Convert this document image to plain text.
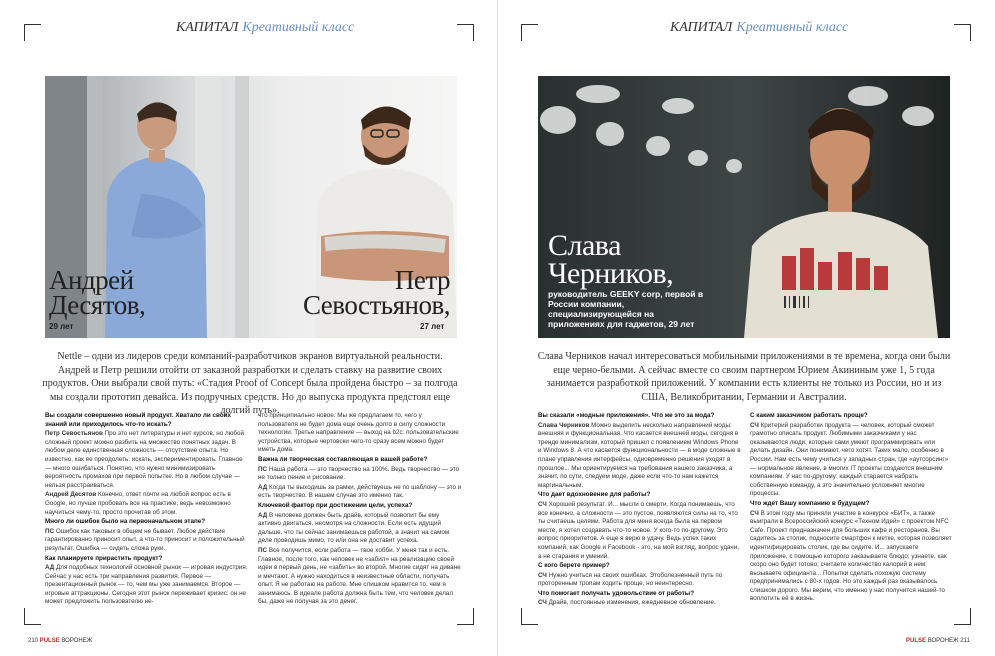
КАПИТАЛ Креативный класс
Андрей Десятов,
29 лет
Петр Севостьянов,
27 лет
Nettle – одни из лидеров среди компаний-разработчиков экранов виртуальной реальности. Андрей и Петр решили отойти от заказной разработки и сделать ставку на развитие своих продуктов. Они выбрали свой путь: «Стадия Proof of Concept была пройдена быстро – за полгода мы создали прототип девайса. Из подручных средств. Но до выпуска продукта предстоял еще долгий путь».

Вы создали совершенно новый продукт. Хватало ли своих знаний или приходилось что-то искать?

Петр Севостьянов Про это нет литературы и нет курсов, но любой сложный проект можно разбить на множество понятных задач. В любом деле единственная сложность — отсутствие опыта. Но известно, как ее преодолеть: искать, экспериментировать. Главное — много ошибаться. Понятно, что нужно минимизировать вероятность промахов при первой попытке. Но в любом случае — нельзя расстраиваться.

Андрей Десятов Конечно, ответ почти на любой вопрос есть в Google, но лучше пробовать все на практике, ведь невозможно научиться чему-то, просто прочитав об этом.

Много ли ошибок было на первоначальном этапе?

ПС Ошибок как таковых в общем не бывает. Любое действие гарантированно приносит опыт, а что-то приносит и положительный результат. Ошибка — сидеть сложа руки.

Как планируете прирастить продукт?

АД Для подобных технологий основной рынок — игровая индустрия. Сейчас у нас есть три направления развития. Первое — презентационный рынок — то, чем мы уже занимаемся. Второе — игровые аттракционы. Сегодня этот рынок переживает кризис: он не может предложить пользователю не-

что принципиально новое. Мы же предлагаем то, чего у пользователя не будет дома еще очень долго в силу сложности технологии. Третье направление — выход на b2c: пользовательские устройства, которые чертовски чего-то сразу всем можно будет иметь дома.

Важна ли творческая составляющая в вашей работе?

ПС Наша работа — это творчество на 100%. Ведь творчество — это не только пение и рисование.

АД Когда ты выходишь за рамки, действуешь не по шаблону — это и есть творчество. В нашем случае это именно так.

Ключевой фактор при достижении цели, успеха?

АД В человеке должен быть драйв, который позволит бы ему активно двигаться, несмотря на сложности. Если есть идущий дальше, что ты сейчас занимаешься работой, а значит на самом деле проводишь мимо, то или она не доставит успеха.

ПС Все получится, если работа — твое хобби. У меня так и есть. Главное, после того, как человек не «забил» на реализацию своей идеи в первый день, не «забить» во второй. Многие сидят на диване и мечтают. А нужно находиться в неизвестные области, получать опыт. Я не работаю на работе. Мне слишком нравится то, чем я занимаюсь. В идеале работа должна быть тем, что человек делал бы, даже не получая за это денег.

210 PULSE ВОРОНЕЖ
КАПИТАЛ Креативный класс
Слава Черников,
руководитель GEEKY corp, первой в России компании, специализирующейся на приложениях для гаджетов, 29 лет
Слава Черников начал интересоваться мобильными приложениями в те времена, когда они были еще черно-белыми. А сейчас вместе со своим партнером Юрием Акининым уже 1, 5 года занимается разработкой приложений. У компании есть клиенты не только из России, но и из США, Великобритании, Германии и Австралии.

Вы сказали «модные приложения». Что же это за мода?

Слава Черников Можно выделить несколько направлений моды: внешняя и функциональная. Что касается внешней моды, сегодня в тренде минимализм, который пришел с появлением Windows Phone и Windows 8. А что касается функциональности — в моде сложные в плане управления интерфейсы, одновременно решения уходят в прошлое... Мы ориентируемся на требования нашего заказчика, а значит, по сути, следуем моде, даже если что-то нам кажется маргинальным.

Что дает вдохновение для работы?

СЧ Хороший результат. И... мысли о смерти. Когда понимаешь, что все конечно, а сложности — это пустое, появляются силы на то, что ты считаешь целями. Работа для меня всегда была на первом месте, я хотел создавать что-то новое. У кого-то по-другому. Это вопрос приоритетов. А еще я верю в удачу. Ведь успех таких компаний, как Google и Facebook - это, на мой взгляд, вопрос удачи, а не старания и умений.

С кого берете пример?

СЧ Нужно учиться на своих ошибках. Этоболезненный путь по проторенным тропам ходить проще, но неинтересно.

Что помогает получать удовольствие от работы?

СЧ Драйв, постоянные изменения, ежедневное обновление.

С каким заказчиком работать проще?

СЧ Критерий разработки продукта — человек, который сможет грамотно описать продукт. Любимыми заказчиками у нас оказываются люди, которые сами умеют программировать или делать дизайн. Они понимают, чего хотят. Таких мало, особенно в России. Нам есть чему учиться у западных стран, где «аутсорсинг» — нормальное явление, в многих IT проекты создаются внешним компаниям. У нас по-другому: каждый старается набрать собственную команду, а это значительно усложняет многие процессы.

Что ждет Вашу компанию в будущем?

СЧ В этом году мы приняли участие в конкурсе «БИТ», а также выиграли в Всероссийский конкурс «Техном Идей» с проектом NFC Cafe. Проект предназначен для больших кафе и ресторанов. Вы садитесь за столик, подносите смартфон к метке, которая позволяет идентифицировать столик, где вы сидите. И... запускаете приложение, с помощью которого заказываете блюдо; узнаете, как скоро оно будет готово; считаете количество калорий в нем; вызываете официанта... Попытки сделать похожую систему предпринимались с 80-х годов. Но это каждый раз оказывалось слишком дорого. Мы верим, что именно у нас получится нашей-то воплотить её в жизнь.

PULSE ВОРОНЕЖ 211
